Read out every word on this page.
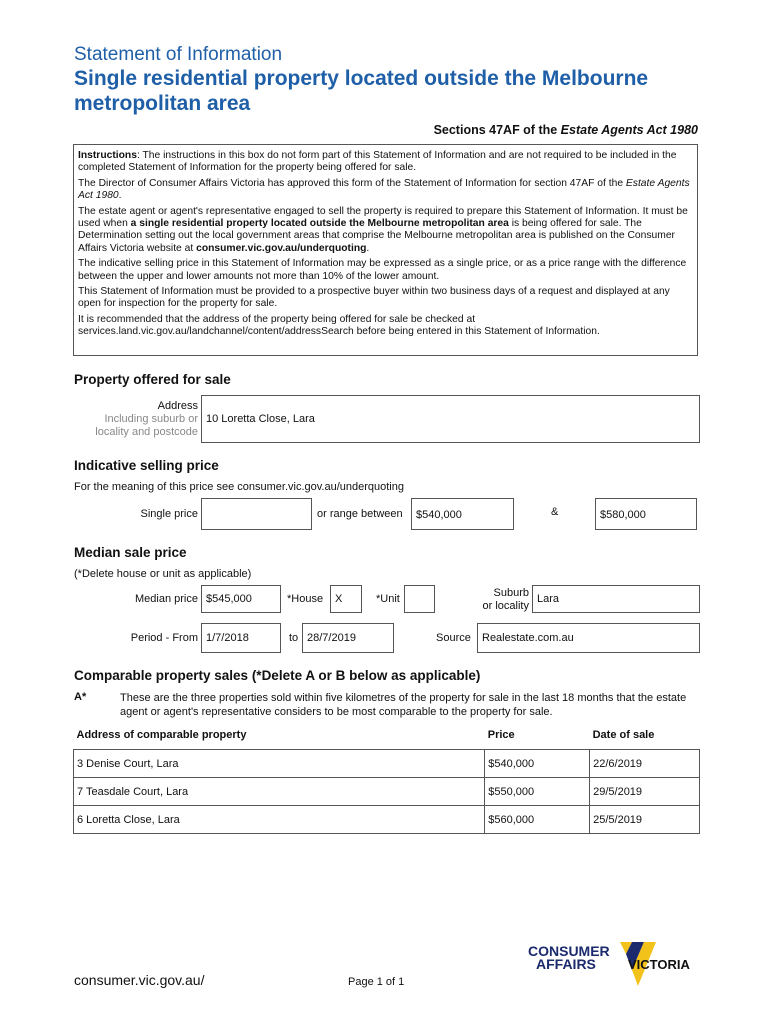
Statement of Information
Single residential property located outside the Melbourne metropolitan area
Sections 47AF of the Estate Agents Act 1980

Instructions: The instructions in this box do not form part of this Statement of Information and are not required to be included in the completed Statement of Information for the property being offered for sale.

The Director of Consumer Affairs Victoria has approved this form of the Statement of Information for section 47AF of the Estate Agents Act 1980.

The estate agent or agent's representative engaged to sell the property is required to prepare this Statement of Information. It must be used when a single residential property located outside the Melbourne metropolitan area is being offered for sale. The Determination setting out the local government areas that comprise the Melbourne metropolitan area is published on the Consumer Affairs Victoria website at consumer.vic.gov.au/underquoting.

The indicative selling price in this Statement of Information may be expressed as a single price, or as a price range with the difference between the upper and lower amounts not more than 10% of the lower amount.

This Statement of Information must be provided to a prospective buyer within two business days of a request and displayed at any open for inspection for the property for sale.

It is recommended that the address of the property being offered for sale be checked at services.land.vic.gov.au/landchannel/content/addressSearch before being entered in this Statement of Information.

Property offered for sale
Address
Including suburb or
locality and postcode
10 Loretta Close, Lara
Indicative selling price
For the meaning of this price see consumer.vic.gov.au/underquoting
Single price	or range between	$540,000	&	$580,000
Median sale price
(*Delete house or unit as applicable)
Median price $545,000	*House	X	*Unit	Suburb
or locality
Lara
Period - From 1/7/2018	to 28/7/2019	Source	Realestate.com.au
Comparable property sales (*Delete A or B below as applicable)
A*	These are the three properties sold within five kilometres of the property for sale in the last 18 months that the estate agent or agent's representative considers to be most comparable to the property for sale.
Address of comparable property	Price	Date of sale
3 Denise Court, Lara	$540,000	22/6/2019
7 Teasdale Court, Lara	$550,000	29/5/2019
6 Loretta Close, Lara	$560,000	25/5/2019
consumer.vic.gov.au/	Page 1 of 1
CONSUMER
AFFAIRS VICTORIA
